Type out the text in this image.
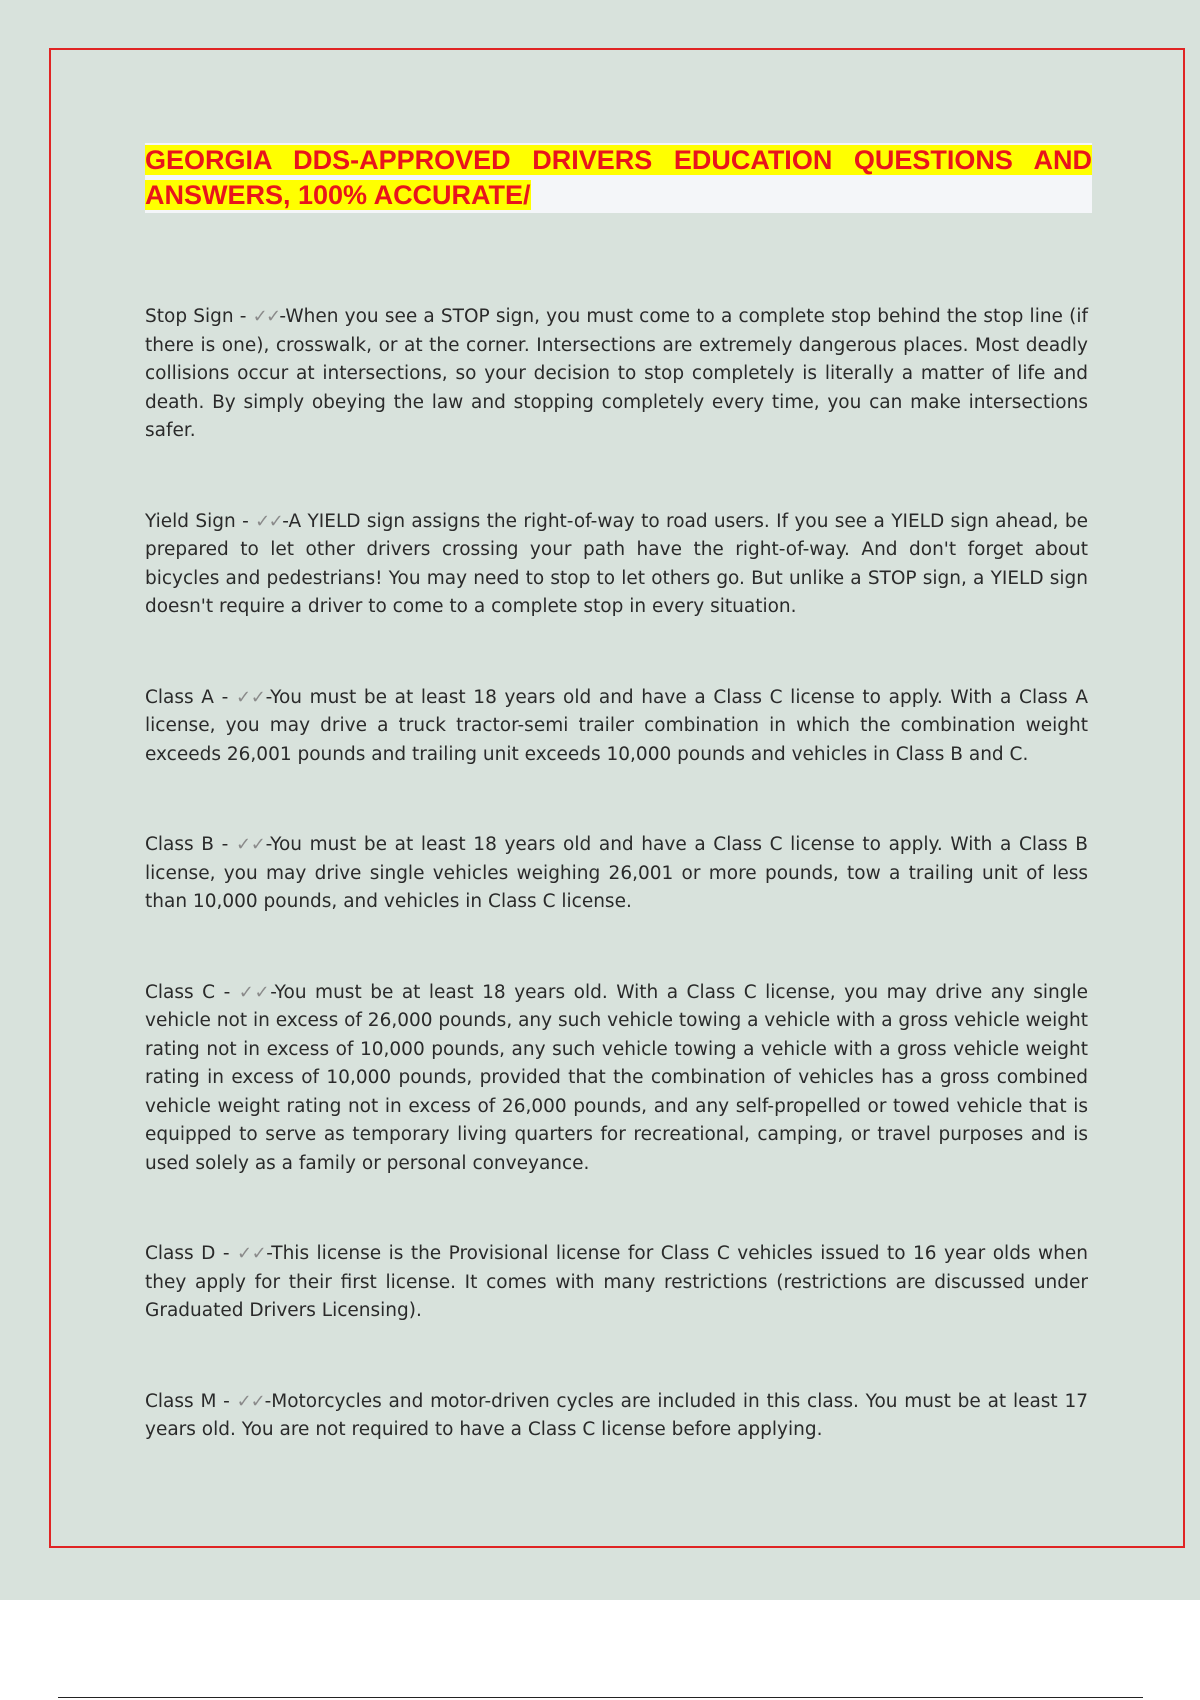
GEORGIA DDS-APPROVED DRIVERS EDUCATION QUESTIONS AND ANSWERS, 100% ACCURATE/

Stop Sign - ✓✓-When you see a STOP sign, you must come to a complete stop behind the stop line (if there is one), crosswalk, or at the corner. Intersections are extremely dangerous places. Most deadly collisions occur at intersections, so your decision to stop completely is literally a matter of life and death. By simply obeying the law and stopping completely every time, you can make intersections safer.

Yield Sign - ✓✓-A YIELD sign assigns the right-of-way to road users. If you see a YIELD sign ahead, be prepared to let other drivers crossing your path have the right-of-way. And don't forget about bicycles and pedestrians! You may need to stop to let others go. But unlike a STOP sign, a YIELD sign doesn't require a driver to come to a complete stop in every situation.

Class A - ✓✓-You must be at least 18 years old and have a Class C license to apply. With a Class A license, you may drive a truck tractor-semi trailer combination in which the combination weight exceeds 26,001 pounds and trailing unit exceeds 10,000 pounds and vehicles in Class B and C.

Class B - ✓✓-You must be at least 18 years old and have a Class C license to apply. With a Class B license, you may drive single vehicles weighing 26,001 or more pounds, tow a trailing unit of less than 10,000 pounds, and vehicles in Class C license.

Class C - ✓✓-You must be at least 18 years old. With a Class C license, you may drive any single vehicle not in excess of 26,000 pounds, any such vehicle towing a vehicle with a gross vehicle weight rating not in excess of 10,000 pounds, any such vehicle towing a vehicle with a gross vehicle weight rating in excess of 10,000 pounds, provided that the combination of vehicles has a gross combined vehicle weight rating not in excess of 26,000 pounds, and any self-propelled or towed vehicle that is equipped to serve as temporary living quarters for recreational, camping, or travel purposes and is used solely as a family or personal conveyance.

Class D - ✓✓-This license is the Provisional license for Class C vehicles issued to 16 year olds when they apply for their first license. It comes with many restrictions (restrictions are discussed under Graduated Drivers Licensing).

Class M - ✓✓-Motorcycles and motor-driven cycles are included in this class. You must be at least 17 years old. You are not required to have a Class C license before applying.
